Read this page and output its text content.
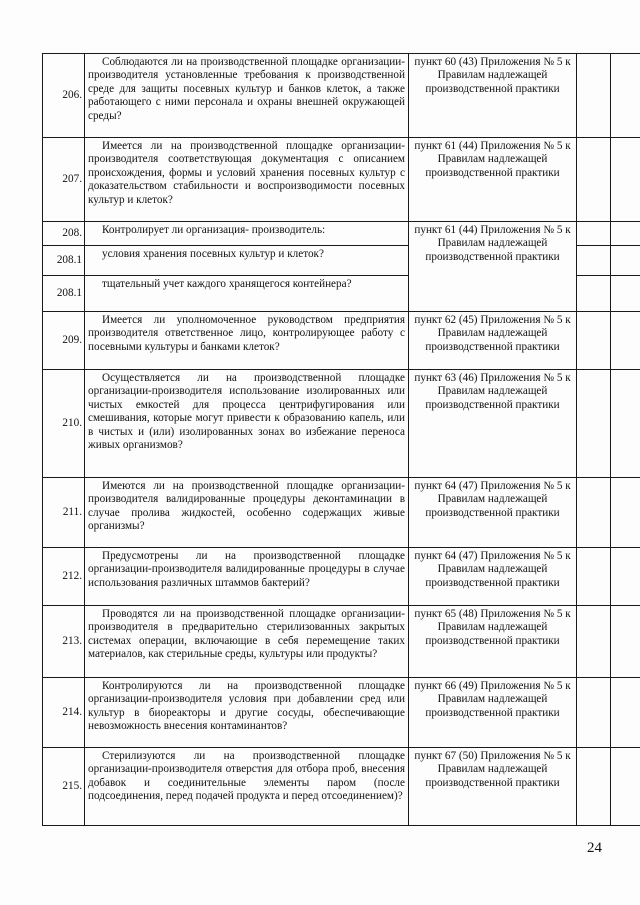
206.	Соблюдаются ли на производственной площадке организации-производителя установленные требования к производственной среде для защиты посевных культур и банков клеток, а также работающего с ними персонала и охраны внешней окружающей среды?	пункт 60 (43) Приложения № 5 к Правилам надлежащей производственной практики		
207.	Имеется ли на производственной площадке организации-производителя соответствующая документация с описанием происхождения, формы и условий хранения посевных культур с доказательством стабильности и воспроизводимости посевных культур и клеток?	пункт 61 (44) Приложения № 5 к Правилам надлежащей производственной практики		
208.	Контролирует ли организация- производитель:	пункт 61 (44) Приложения № 5 к Правилам надлежащей производственной практики		
208.1	условия хранения посевных культур и клеток?			
208.1	тщательный учет каждого хранящегося контейнера?			
209.	Имеется ли уполномоченное руководством предприятия производителя ответственное лицо, контролирующее работу с посевными культуры и банками клеток?	пункт 62 (45) Приложения № 5 к Правилам надлежащей производственной практики		
210.	Осуществляется ли на производственной площадке организации-производителя использование изолированных или чистых емкостей для процесса центрифугирования или смешивания, которые могут привести к образованию капель, или в чистых и (или) изолированных зонах во избежание переноса живых организмов?	пункт 63 (46) Приложения № 5 к Правилам надлежащей производственной практики		
211.	Имеются ли на производственной площадке организации-производителя валидированные процедуры деконтаминации в случае пролива жидкостей, особенно содержащих живые организмы?	пункт 64 (47) Приложения № 5 к Правилам надлежащей производственной практики		
212.	Предусмотрены ли на производственной площадке организации-производителя валидированные процедуры в случае использования различных штаммов бактерий?	пункт 64 (47) Приложения № 5 к Правилам надлежащей производственной практики		
213.	Проводятся ли на производственной площадке организации-производителя в предварительно стерилизованных закрытых системах операции, включающие в себя перемещение таких материалов, как стерильные среды, культуры или продукты?	пункт 65 (48) Приложения № 5 к Правилам надлежащей производственной практики		
214.	Контролируются ли на производственной площадке организации-производителя условия при добавлении сред или культур в биореакторы и другие сосуды, обеспечивающие невозможность внесения контаминантов?	пункт 66 (49) Приложения № 5 к Правилам надлежащей производственной практики		
215.	Стерилизуются ли на производственной площадке организации-производителя отверстия для отбора проб, внесения добавок и соединительные элементы паром (после подсоединения, перед подачей продукта и перед отсоединением)?	пункт 67 (50) Приложения № 5 к Правилам надлежащей производственной практики		
24
